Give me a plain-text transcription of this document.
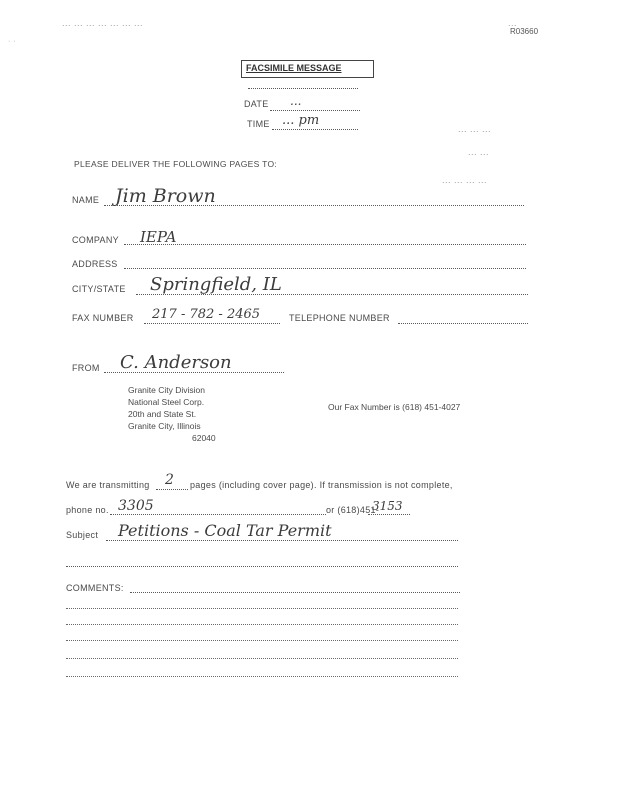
... ... ... ... ... ... ...	...
R03660
· ·
FACSIMILE MESSAGE
DATE ...
TIME ... pm
... ... ...
... ...
... ... ... ...
PLEASE DELIVER THE FOLLOWING PAGES TO:
NAME Jim Brown
COMPANY IEPA
ADDRESS
CITY/STATE Springfield, IL
FAX NUMBER 217 - 782 - 2465	TELEPHONE NUMBER
FROM C. Anderson
Granite City Division
National Steel Corp.
20th and State St.
Granite City, Illinois
62040
Our Fax Number is (618) 451-4027
We are transmitting 2 pages (including cover page). If transmission is not complete,
phone no. 3305	or (618)451-
3153
Subject Petitions - Coal Tar Permit
COMMENTS:
